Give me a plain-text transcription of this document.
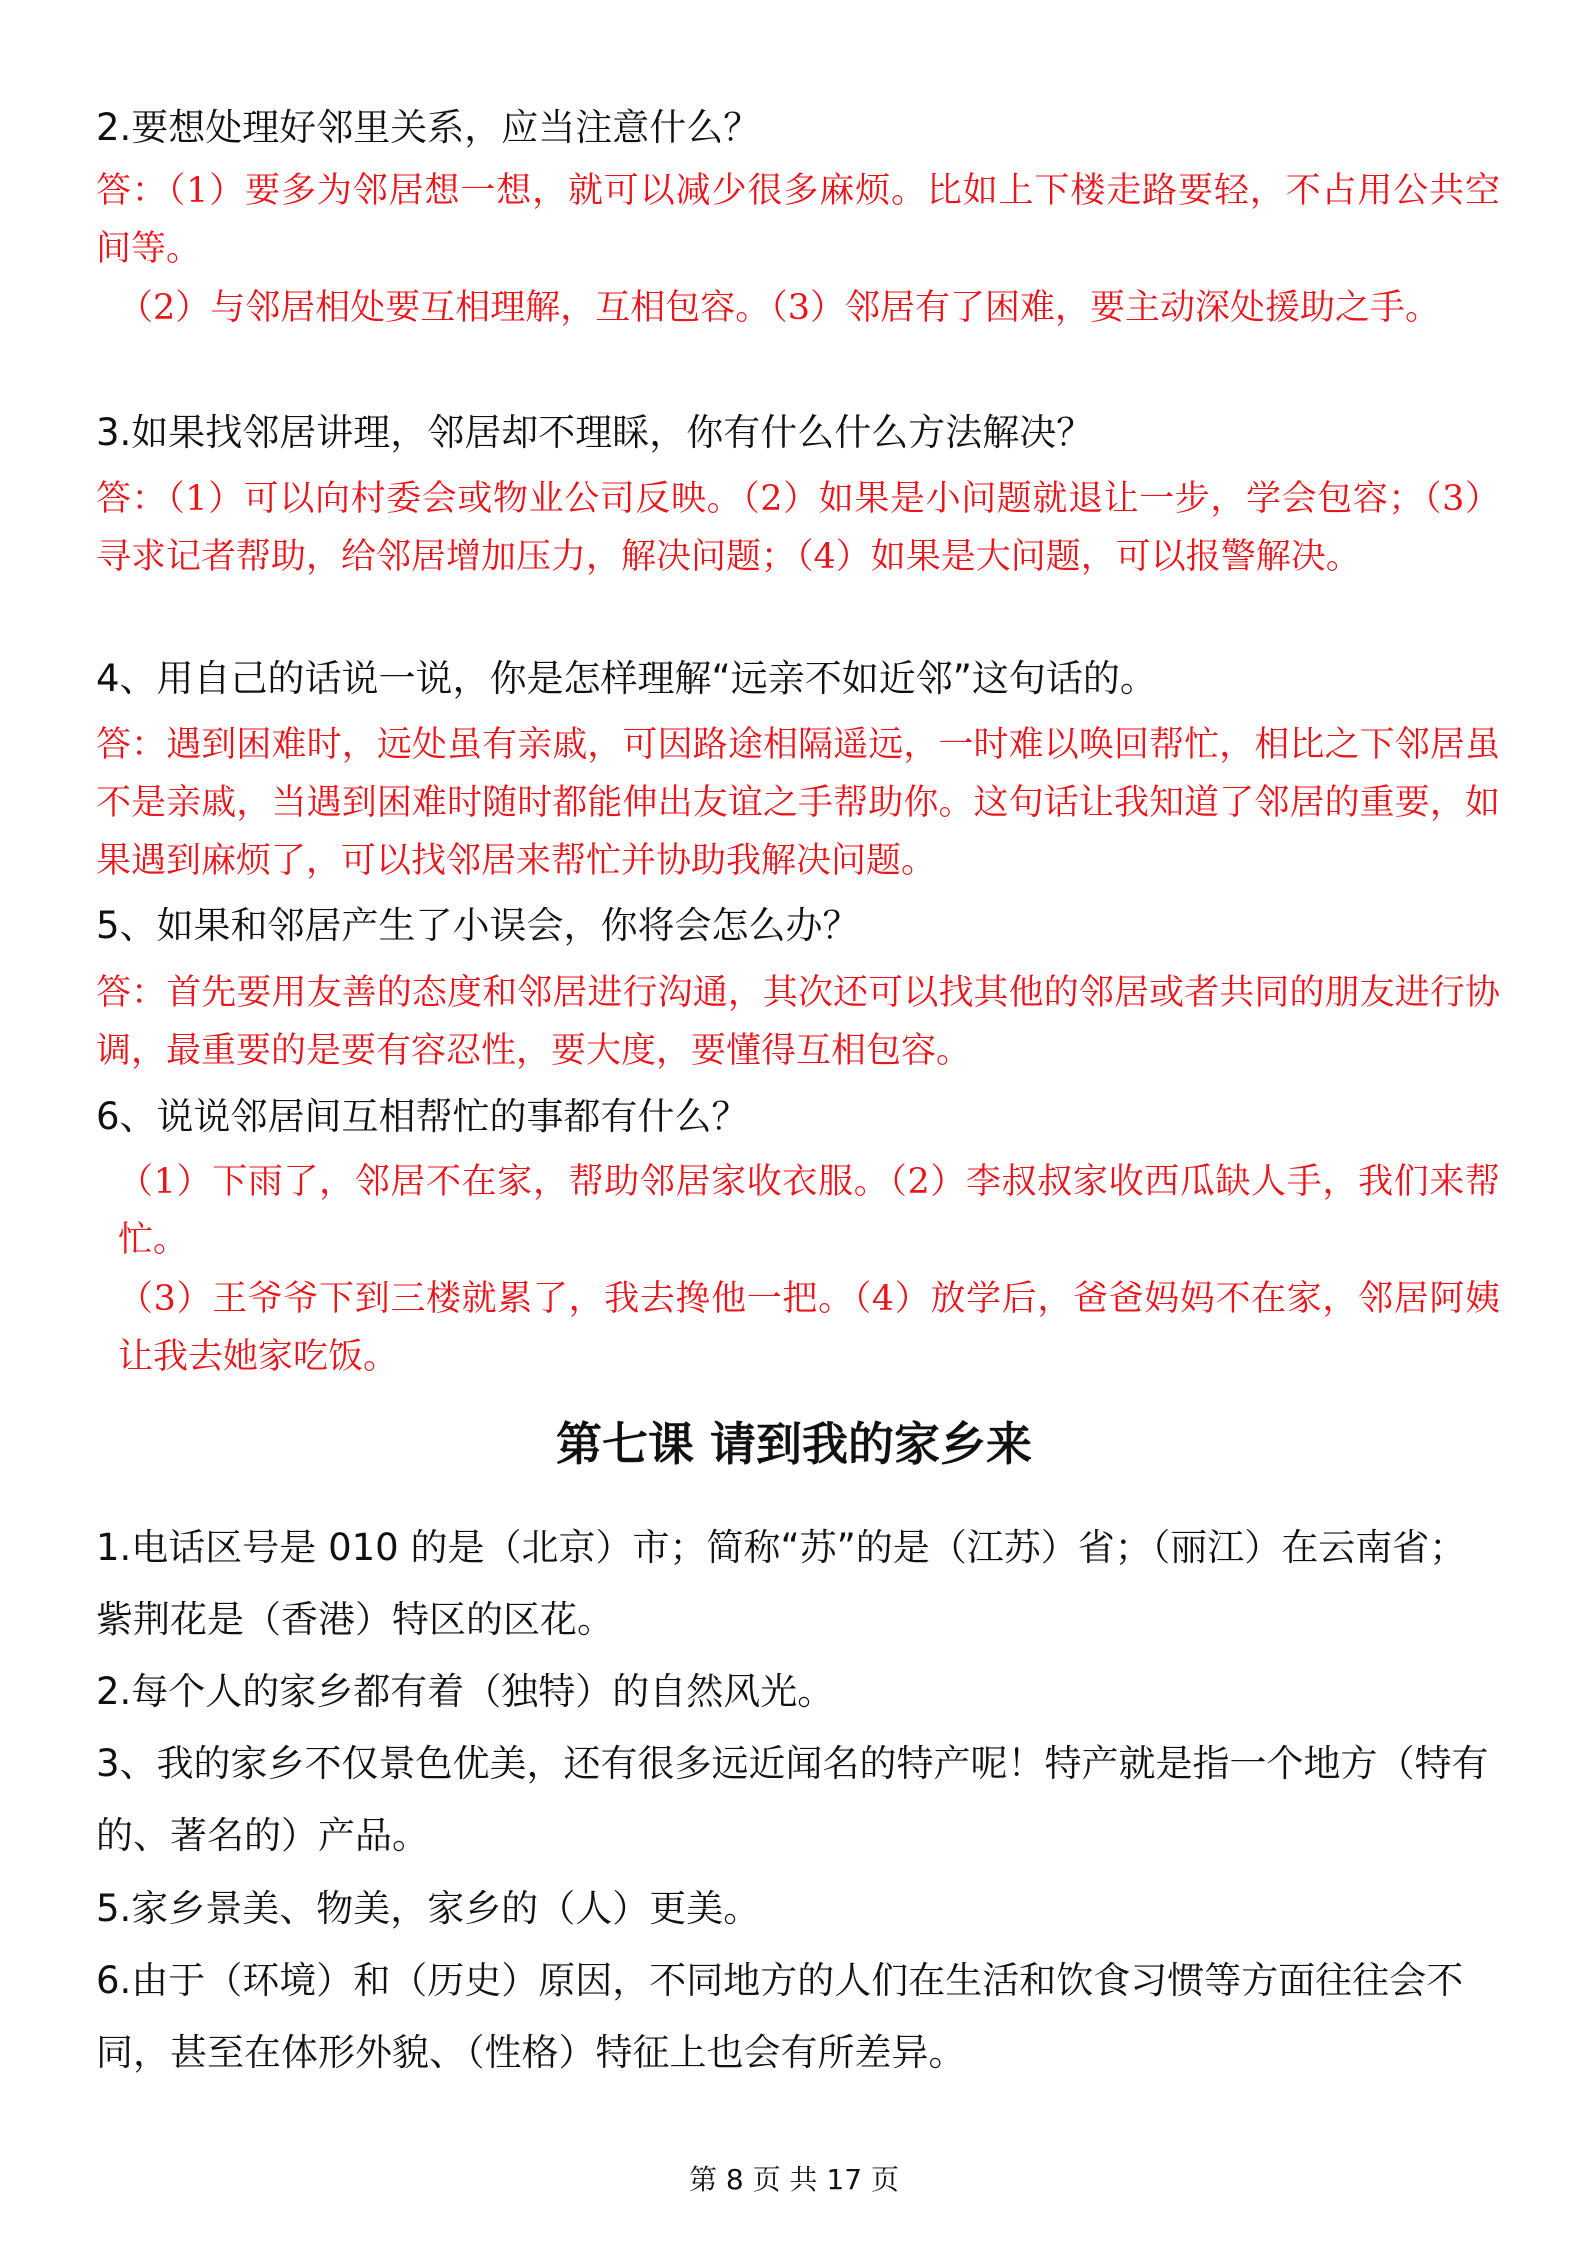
2.要想处理好邻里关系，应当注意什么？

答：（1）要多为邻居想一想，就可以减少很多麻烦。比如上下楼走路要轻，不占用公共空间等。

（2）与邻居相处要互相理解，互相包容。（3）邻居有了困难，要主动深处援助之手。

3.如果找邻居讲理，邻居却不理睬，你有什么什么方法解决？

答：（1）可以向村委会或物业公司反映。（2）如果是小问题就退让一步，学会包容；（3）寻求记者帮助，给邻居增加压力，解决问题；（4）如果是大问题，可以报警解决。

4、用自己的话说一说，你是怎样理解“远亲不如近邻”这句话的。

答：遇到困难时，远处虽有亲戚，可因路途相隔遥远，一时难以唤回帮忙，相比之下邻居虽不是亲戚，当遇到困难时随时都能伸出友谊之手帮助你。这句话让我知道了邻居的重要，如果遇到麻烦了，可以找邻居来帮忙并协助我解决问题。

5、如果和邻居产生了小误会，你将会怎么办？

答：首先要用友善的态度和邻居进行沟通，其次还可以找其他的邻居或者共同的朋友进行协调，最重要的是要有容忍性，要大度，要懂得互相包容。

6、说说邻居间互相帮忙的事都有什么？

（1）下雨了，邻居不在家，帮助邻居家收衣服。（2）李叔叔家收西瓜缺人手，我们来帮忙。

（3）王爷爷下到三楼就累了，我去搀他一把。（4）放学后，爸爸妈妈不在家，邻居阿姨让我去她家吃饭。

第七课 请到我的家乡来

1.电话区号是 010 的是（北京）市；简称“苏”的是（江苏）省；（丽江）在云南省；紫荆花是（香港）特区的区花。

2.每个人的家乡都有着（独特）的自然风光。

3、我的家乡不仅景色优美，还有很多远近闻名的特产呢！特产就是指一个地方（特有的、著名的）产品。

5.家乡景美、物美，家乡的（人）更美。

6.由于（环境）和（历史）原因，不同地方的人们在生活和饮食习惯等方面往往会不同，甚至在体形外貌、（性格）特征上也会有所差异。

第 8 页 共 17 页
